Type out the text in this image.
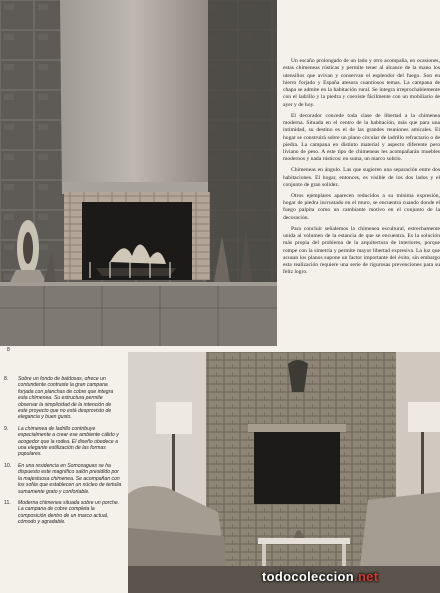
Un escaño prolongado de un lado y otro acompaña, en ocasiones, estas chimeneas rústicas y permite tener al alcance de la mano los utensilios que avivan y conservan el esplendor del fuego. Son en hierro forjado y España atesora cuantiosos temas. La campana de chapa se admite en la habitación rural. Se integra irreprochablemente con el ladrillo y la piedra y coexiste fácilmente con un mobiliario de ayer y de hoy.

El decorador concede toda clase de libertad a la chimenea moderna. Situada en el centro de la habitación, más que para una intimidad, su destino es el de las grandes reuniones amicales. El hogar se construirá sobre un plano circular de ladrillo refractario o de piedra. La campana en distinto material y aspecto diferente pero liviano de peso. A este tipo de chimeneas les acompañarán muebles modernos y nada rústicos: en suma, un marco sobrio.

Chimeneas en ángulo. Las que sugieren una separación entre dos habitaciones. El hogar, entonces, es visible de los dos lados y el conjunto de gran solidez.

Otros ejemplares aparecen reducidos a su mínima expresión, hogar de piedra incrustado en el muro, se encuentra cuando donde el fuego palpita como un cambiante motivo en el conjunto de la decoración.

Para concluir señalemos la chimenea escultural, estrechamente unida al volumen de la estancia de que se encuentra. Es la solución más propia del problema de la arquitectura de interiores, porque rompe con la simetría y permite mayor libertad expresiva. La luz que acusan los planos supone un factor importante del éxito, sin embargo esta realización requiere una serie de rigurosas prevenciones para su feliz logro.

8
8. Sobre un fondo de baldosas, ofrece un contundente contraste la gran campana forjada con planchas de cobre que integra esta chimenea. Su estructura permite observar la simplicidad de la intención de este proyecto que no está desprovisto de elegancia y buen gusto.
9. La chimenea de ladrillo contribuye especialmente a crear ese ambiente cálido y acogedor que la rodea. El diseño obedece a una elegante estilización de las formas populares.
10. En una residencia en Somosaguas se ha dispuesto este magnífico salón presidido por la majestuosa chimenea. Se acompañan con los sofás que establecen un núcleo de tertulia sumamente grato y confortable.
11. Moderna chimenea situada sobre un porche. La campana de cobre completa la composición dentro de un marco actual, cómodo y agradable.
todocoleccion.net
